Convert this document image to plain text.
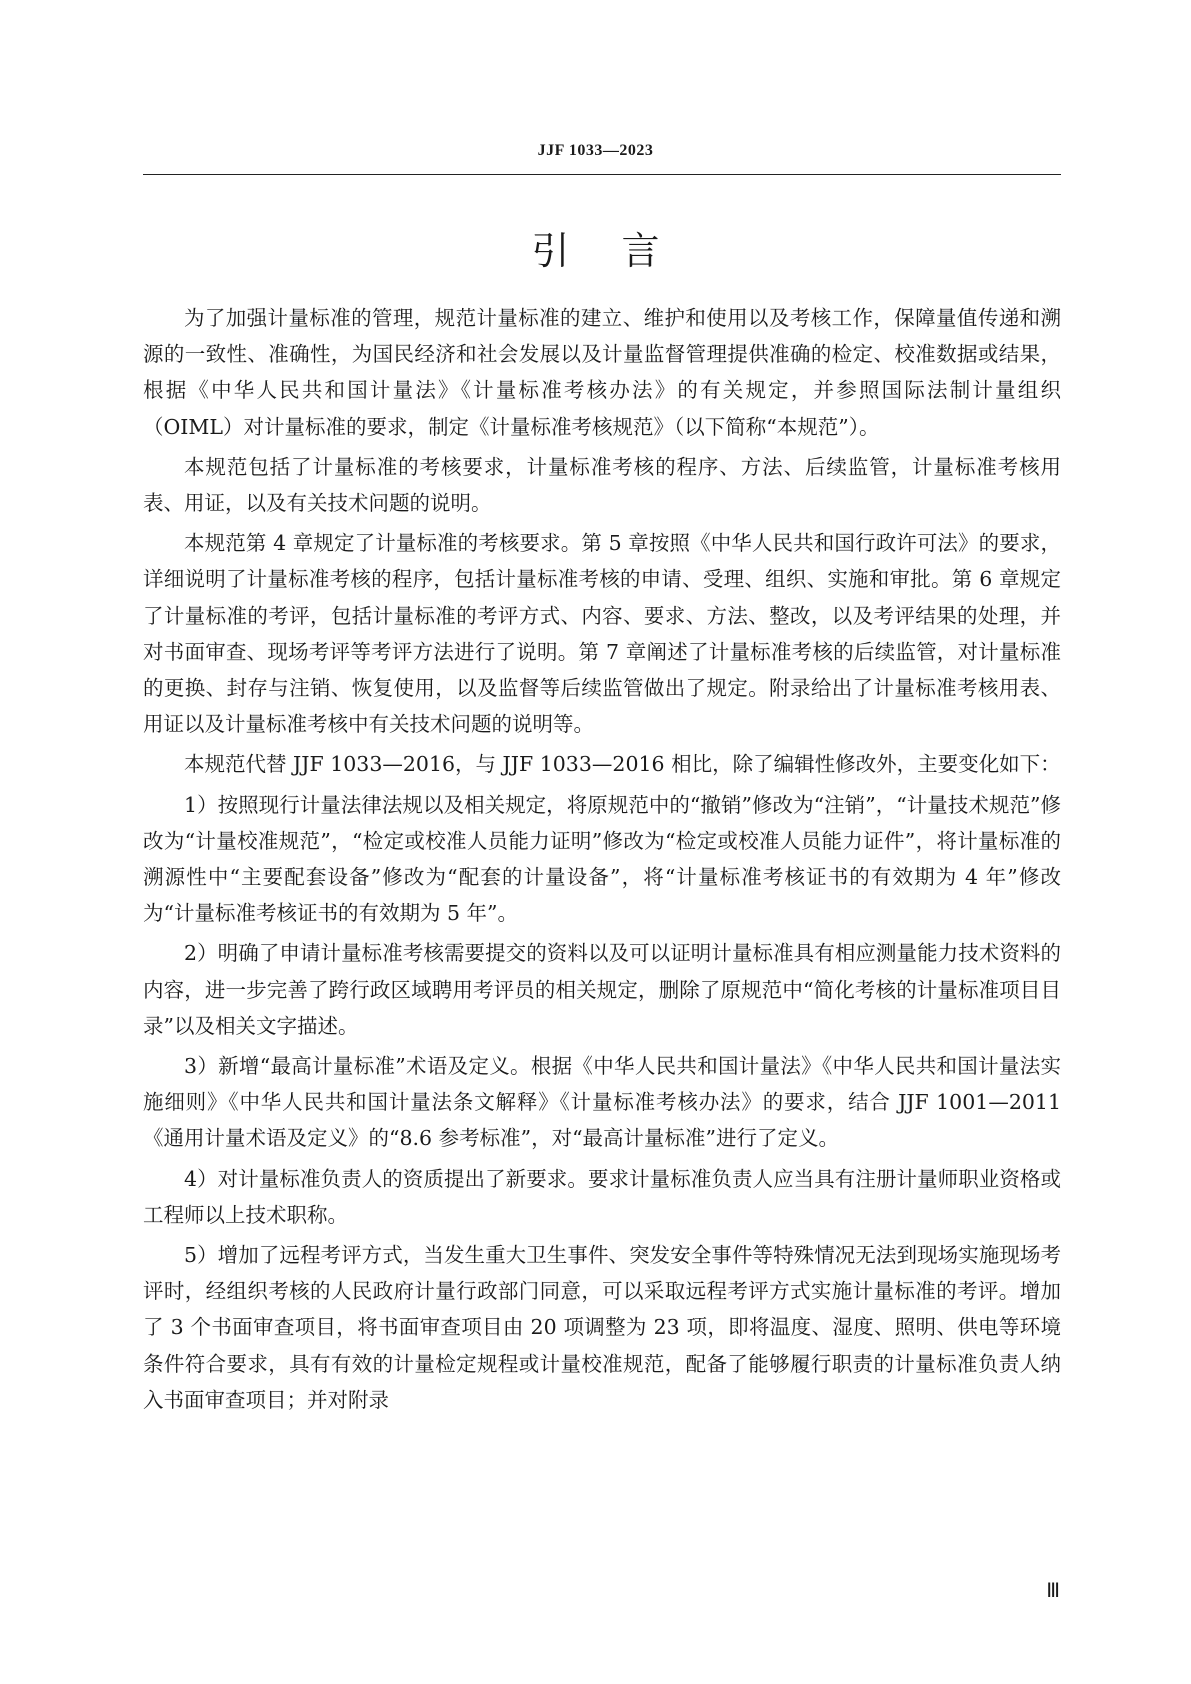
JJF 1033—2023
引言

为了加强计量标准的管理，规范计量标准的建立、维护和使用以及考核工作，保障量值传递和溯源的一致性、准确性，为国民经济和社会发展以及计量监督管理提供准确的检定、校准数据或结果，根据《中华人民共和国计量法》《计量标准考核办法》的有关规定，并参照国际法制计量组织（OIML）对计量标准的要求，制定《计量标准考核规范》（以下简称“本规范”）。

本规范包括了计量标准的考核要求，计量标准考核的程序、方法、后续监管，计量标准考核用表、用证，以及有关技术问题的说明。

本规范第 4 章规定了计量标准的考核要求。第 5 章按照《中华人民共和国行政许可法》的要求，详细说明了计量标准考核的程序，包括计量标准考核的申请、受理、组织、实施和审批。第 6 章规定了计量标准的考评，包括计量标准的考评方式、内容、要求、方法、整改，以及考评结果的处理，并对书面审查、现场考评等考评方法进行了说明。第 7 章阐述了计量标准考核的后续监管，对计量标准的更换、封存与注销、恢复使用，以及监督等后续监管做出了规定。附录给出了计量标准考核用表、用证以及计量标准考核中有关技术问题的说明等。

本规范代替 JJF 1033—2016，与 JJF 1033—2016 相比，除了编辑性修改外，主要变化如下：

1）按照现行计量法律法规以及相关规定，将原规范中的“撤销”修改为“注销”，“计量技术规范”修改为“计量校准规范”，“检定或校准人员能力证明”修改为“检定或校准人员能力证件”，将计量标准的溯源性中“主要配套设备”修改为“配套的计量设备”，将“计量标准考核证书的有效期为 4 年”修改为“计量标准考核证书的有效期为 5 年”。

2）明确了申请计量标准考核需要提交的资料以及可以证明计量标准具有相应测量能力技术资料的内容，进一步完善了跨行政区域聘用考评员的相关规定，删除了原规范中“简化考核的计量标准项目目录”以及相关文字描述。

3）新增“最高计量标准”术语及定义。根据《中华人民共和国计量法》《中华人民共和国计量法实施细则》《中华人民共和国计量法条文解释》《计量标准考核办法》的要求，结合 JJF 1001—2011《通用计量术语及定义》的“8.6 参考标准”，对“最高计量标准”进行了定义。

4）对计量标准负责人的资质提出了新要求。要求计量标准负责人应当具有注册计量师职业资格或工程师以上技术职称。

5）增加了远程考评方式，当发生重大卫生事件、突发安全事件等特殊情况无法到现场实施现场考评时，经组织考核的人民政府计量行政部门同意，可以采取远程考评方式实施计量标准的考评。增加了 3 个书面审查项目，将书面审查项目由 20 项调整为 23 项，即将温度、湿度、照明、供电等环境条件符合要求，具有有效的计量检定规程或计量校准规范，配备了能够履行职责的计量标准负责人纳入书面审查项目；并对附录

Ⅲ
